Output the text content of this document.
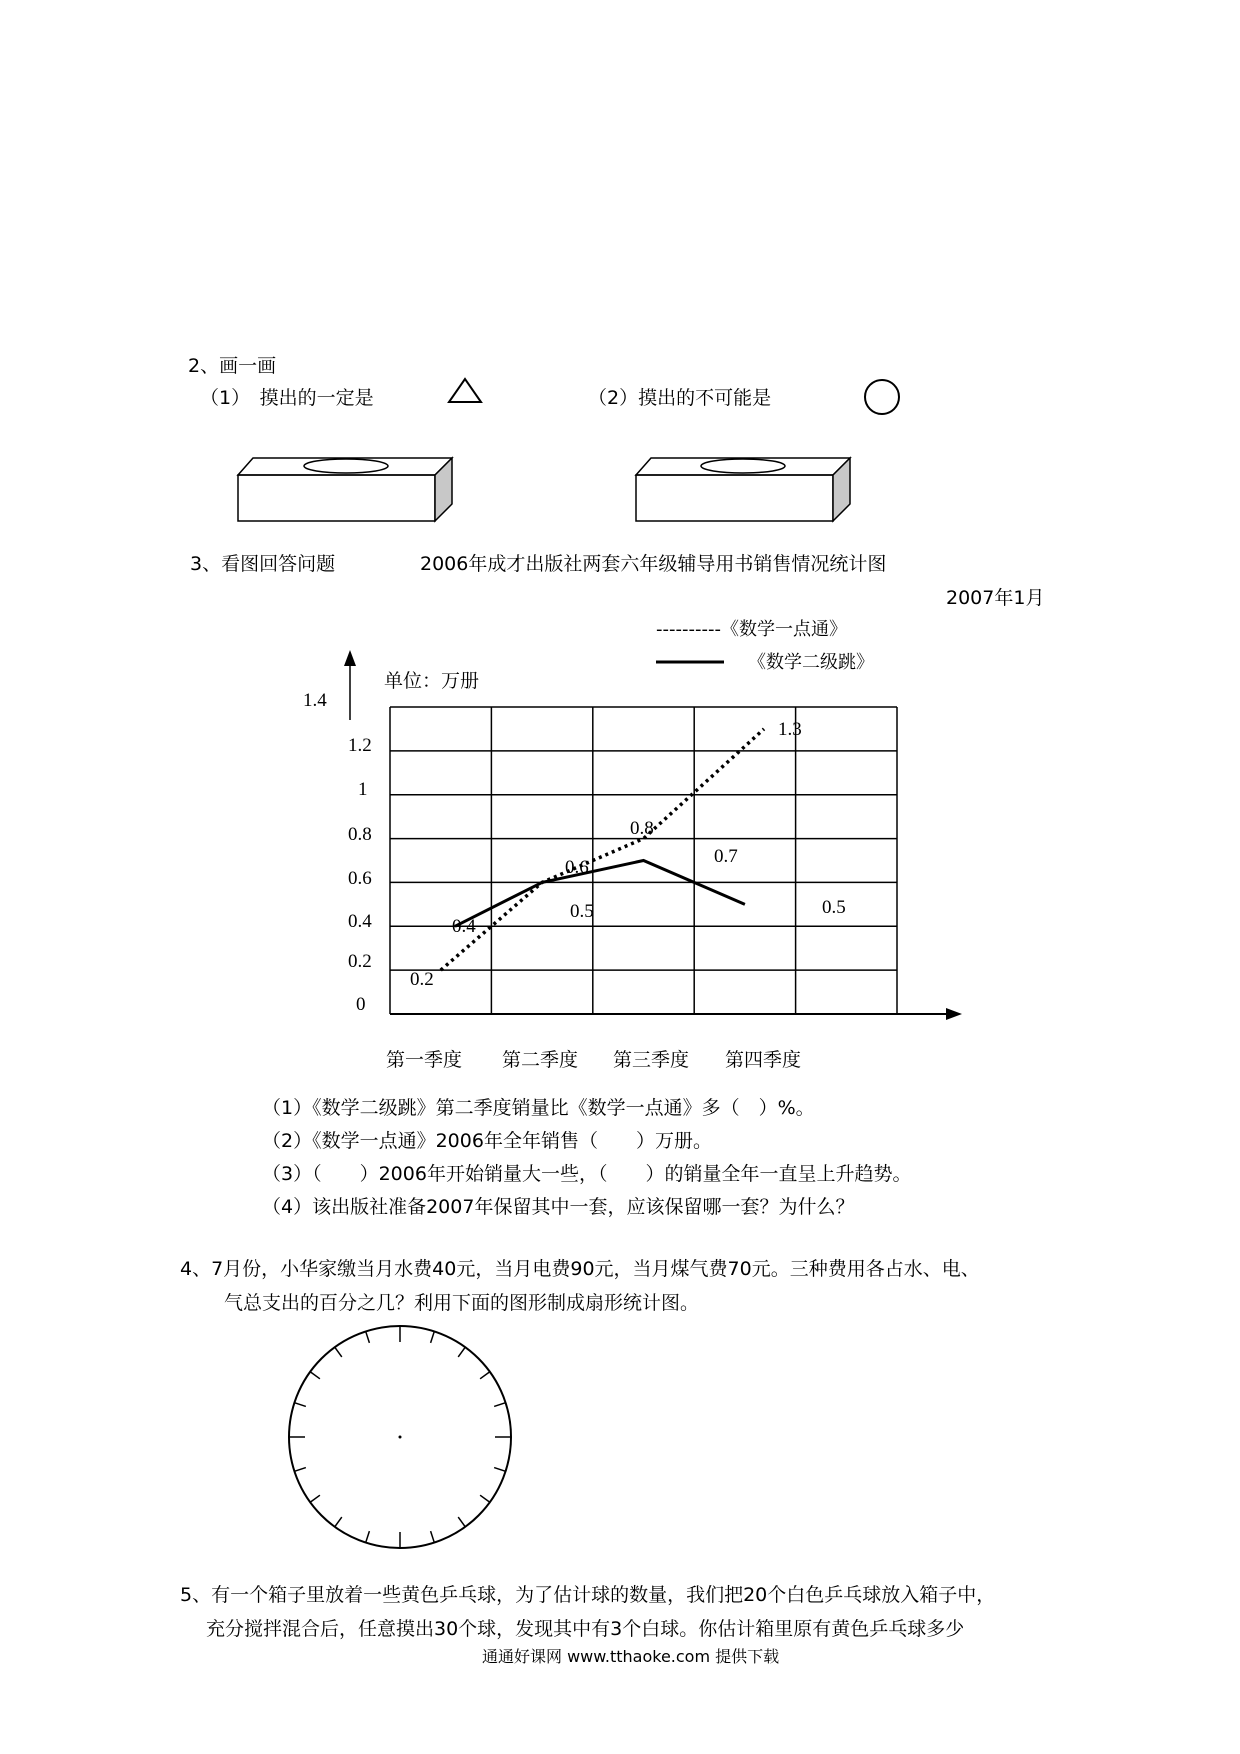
2、画一画
（1）　摸出的一定是	（2）摸出的不可能是
3、看图回答问题	2006年成才出版社两套六年级辅导用书销售情况统计图
2007年1月
----------《数学一点通》
《数学二级跳》
单位：万册
1.4
1.2
1
0.8
0.6
0.4
0.2
0
第一季度 第二季度 第三季度 第四季度
0.2
0.6
0.8
1.3
0.4
0.5
0.7
0.5
（1）《数学二级跳》第二季度销量比《数学一点通》多（　）%。
（2）《数学一点通》2006年全年销售（　　）万册。
（3）（　　）2006年开始销量大一些，（　　）的销量全年一直呈上升趋势。
（4）该出版社准备2007年保留其中一套，应该保留哪一套？为什么？
4、7月份，小华家缴当月水费40元，当月电费90元，当月煤气费70元。三种费用各占水、电、
气总支出的百分之几？利用下面的图形制成扇形统计图。
5、有一个箱子里放着一些黄色乒乓球，为了估计球的数量，我们把20个白色乒乓球放入箱子中，
充分搅拌混合后，任意摸出30个球，发现其中有3个白球。你估计箱里原有黄色乒乓球多少
通通好课网 www.tthaoke.com 提供下载
